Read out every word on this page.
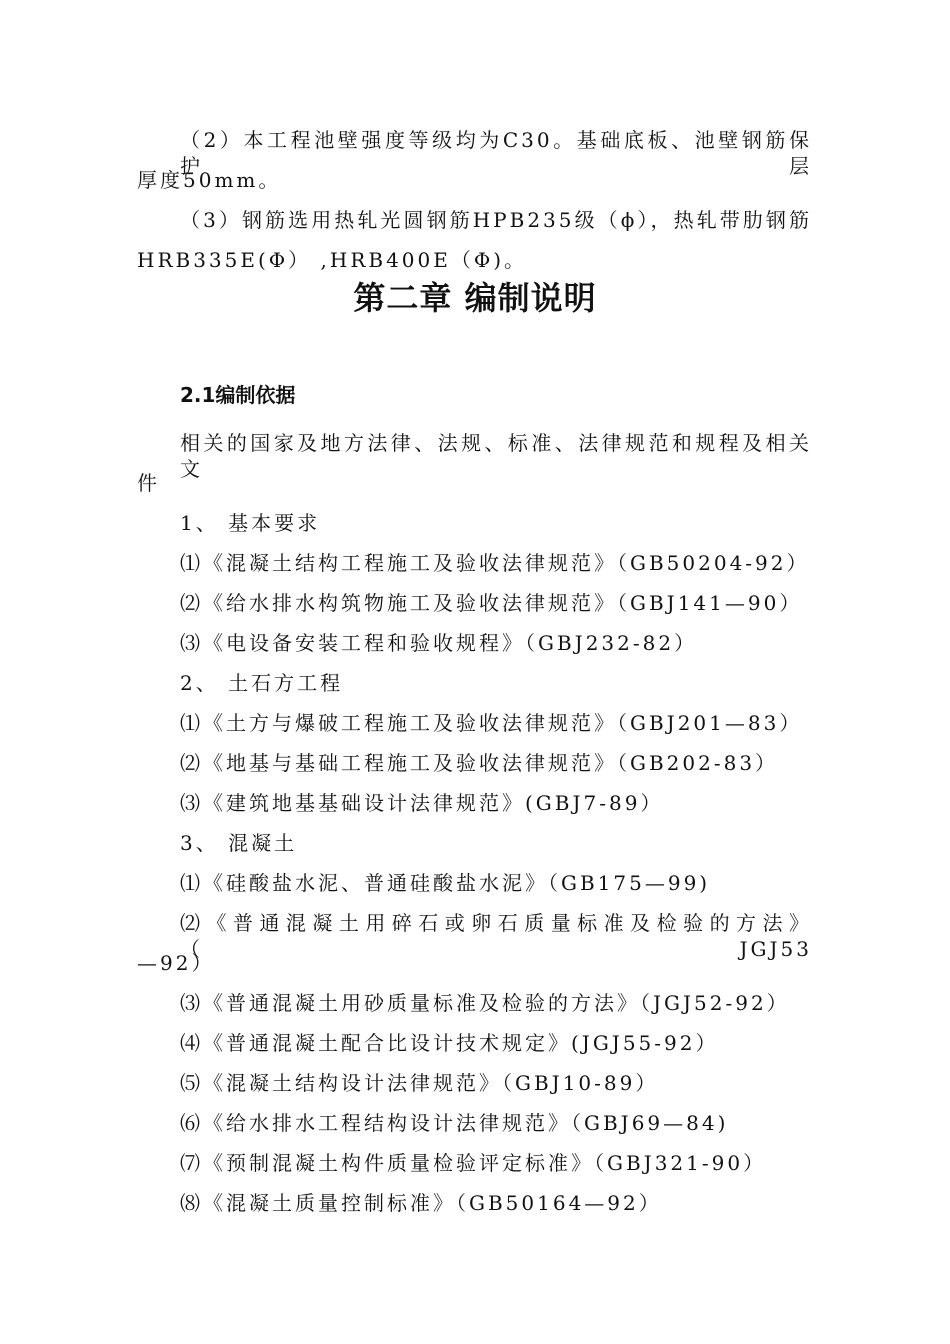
（2）本工程池壁强度等级均为C30。基础底板、池壁钢筋保护层
厚度50mm。
（3）钢筋选用热轧光圆钢筋HPB235级（ϕ），热轧带肋钢筋
HRB335E(Φ） ,HRB400E（Φ)。
第二章 编制说明
2.1编制依据
相关的国家及地方法律、法规、标准、法律规范和规程及相关文
件
1、 基本要求
⑴《混凝土结构工程施工及验收法律规范》（GB50204-92）
⑵《给水排水构筑物施工及验收法律规范》（GBJ141—90）
⑶《电设备安装工程和验收规程》（GBJ232-82）
2、 土石方工程
⑴《土方与爆破工程施工及验收法律规范》（GBJ201—83）
⑵《地基与基础工程施工及验收法律规范》（GB202-83）
⑶《建筑地基基础设计法律规范》(GBJ7-89）
3、 混凝土
⑴《硅酸盐水泥、普通硅酸盐水泥》（GB175—99)
⑵《普通混凝土用碎石或卵石质量标准及检验的方法》（JGJ53
—92）
⑶《普通混凝土用砂质量标准及检验的方法》（JGJ52-92）
⑷《普通混凝土配合比设计技术规定》(JGJ55-92）
⑸《混凝土结构设计法律规范》（GBJ10-89）
⑹《给水排水工程结构设计法律规范》（GBJ69—84)
⑺《预制混凝土构件质量检验评定标准》（GBJ321-90）
⑻《混凝土质量控制标准》（GB50164—92）
